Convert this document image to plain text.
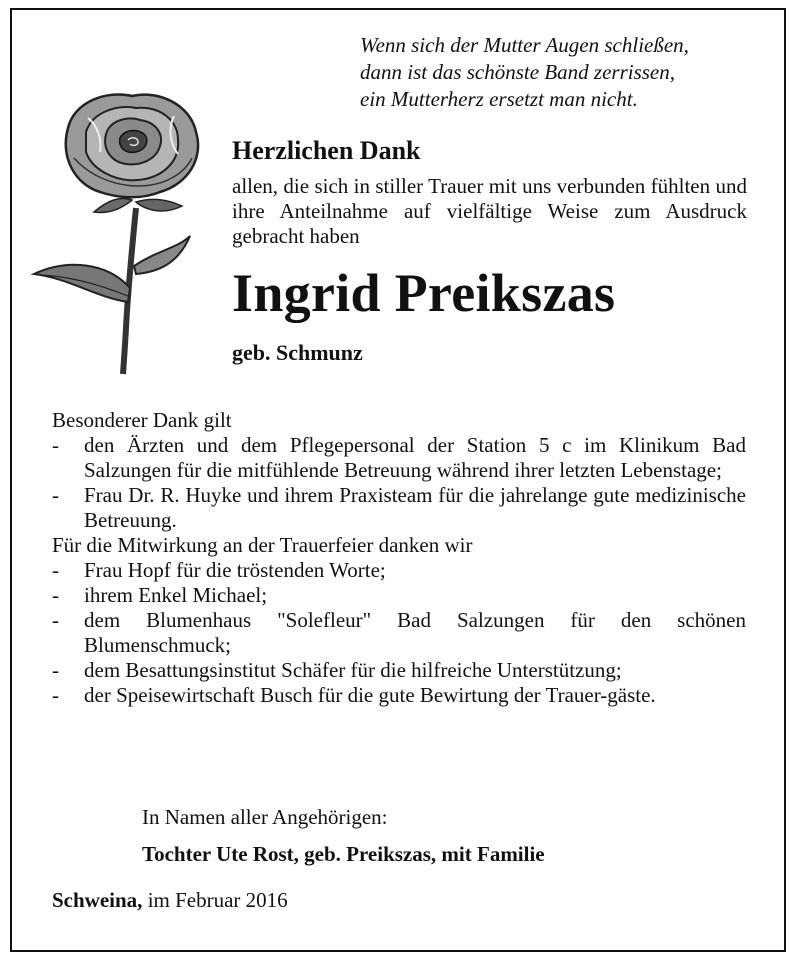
Wenn sich der Mutter Augen schließen,
dann ist das schönste Band zerrissen,
ein Mutterherz ersetzt man nicht.
Herzlichen Dank
allen, die sich in stiller Trauer mit uns verbunden fühlten und ihre Anteilnahme auf vielfältige Weise zum Ausdruck gebracht haben
Ingrid Preikszas
geb. Schmunz

Besonderer Dank gilt

- den Ärzten und dem Pflegepersonal der Station 5 c im Klinikum Bad Salzungen für die mitfühlende Betreuung während ihrer letzten Lebenstage;
- Frau Dr. R. Huyke und ihrem Praxisteam für die jahrelange gute medizinische Betreuung.

Für die Mitwirkung an der Trauerfeier danken wir

- Frau Hopf für die tröstenden Worte;
- ihrem Enkel Michael;
- dem Blumenhaus "Solefleur" Bad Salzungen für den schönen Blumenschmuck;
- dem Besattungsinstitut Schäfer für die hilfreiche Unterstützung;
- der Speisewirtschaft Busch für die gute Bewirtung der Trauer-gäste.
In Namen aller Angehörigen:
Tochter Ute Rost, geb. Preikszas, mit Familie
Schweina, im Februar 2016
